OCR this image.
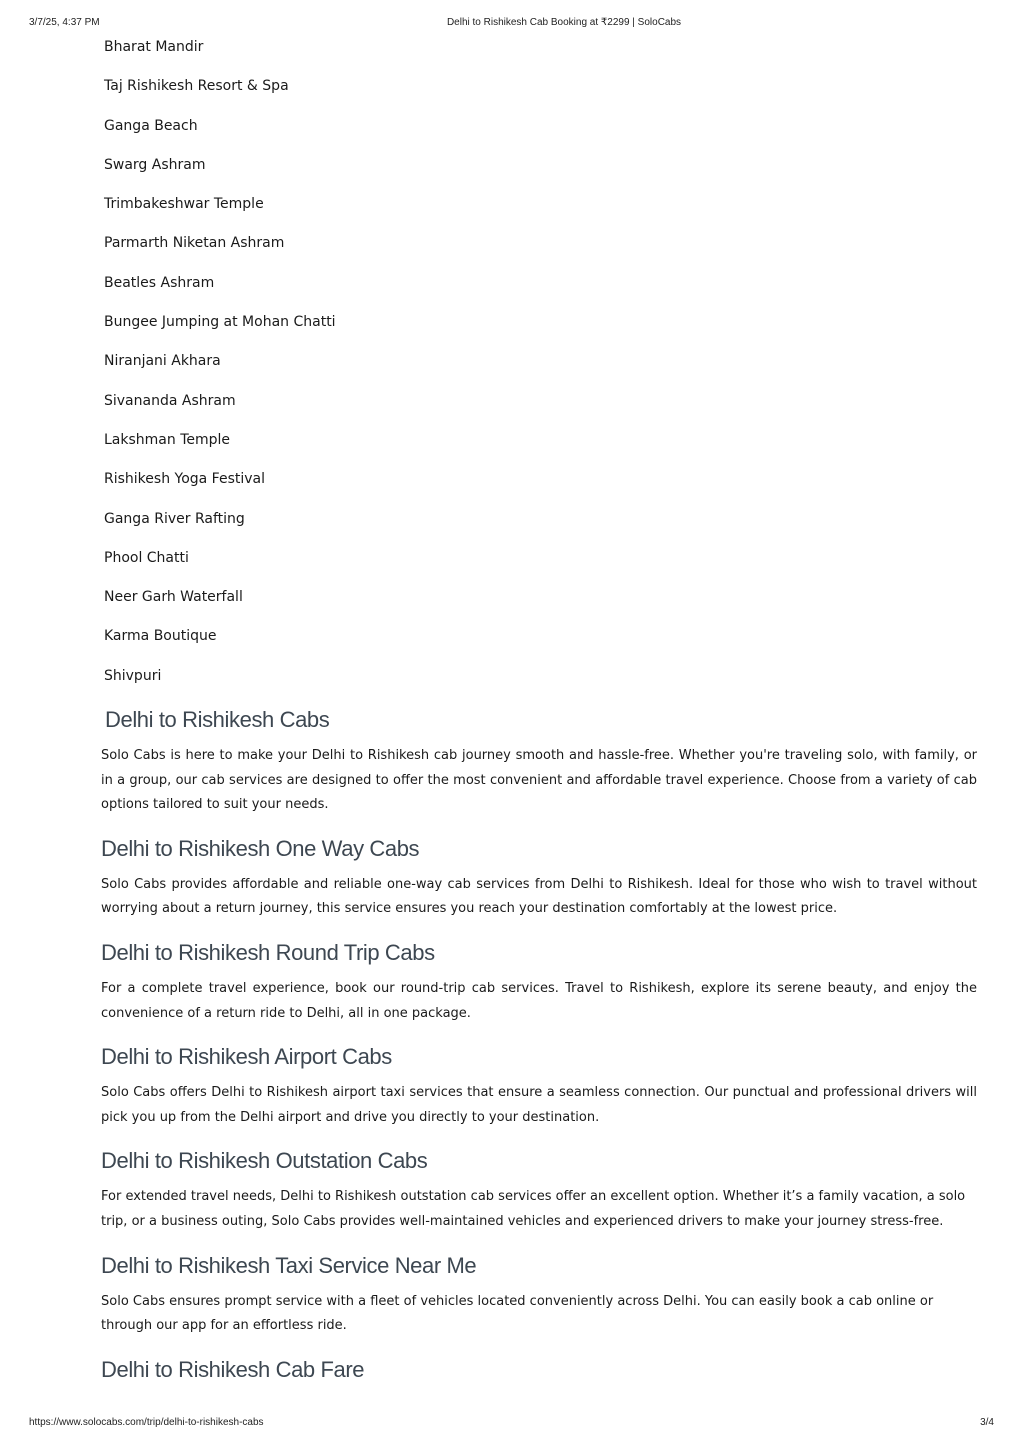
3/7/25, 4:37 PM	Delhi to Rishikesh Cab Booking at ₹2299 | SoloCabs
Bharat Mandir
Taj Rishikesh Resort & Spa
Ganga Beach
Swarg Ashram
Trimbakeshwar Temple
Parmarth Niketan Ashram
Beatles Ashram
Bungee Jumping at Mohan Chatti
Niranjani Akhara
Sivananda Ashram
Lakshman Temple
Rishikesh Yoga Festival
Ganga River Rafting
Phool Chatti
Neer Garh Waterfall
Karma Boutique
Shivpuri
Delhi to Rishikesh Cabs

Solo Cabs is here to make your Delhi to Rishikesh cab journey smooth and hassle-free. Whether you're traveling solo, with family, or in a group, our cab services are designed to offer the most convenient and affordable travel experience. Choose from a variety of cab options tailored to suit your needs.

Delhi to Rishikesh One Way Cabs

Solo Cabs provides affordable and reliable one-way cab services from Delhi to Rishikesh. Ideal for those who wish to travel without worrying about a return journey, this service ensures you reach your destination comfortably at the lowest price.

Delhi to Rishikesh Round Trip Cabs

For a complete travel experience, book our round-trip cab services. Travel to Rishikesh, explore its serene beauty, and enjoy the convenience of a return ride to Delhi, all in one package.

Delhi to Rishikesh Airport Cabs

Solo Cabs offers Delhi to Rishikesh airport taxi services that ensure a seamless connection. Our punctual and professional drivers will pick you up from the Delhi airport and drive you directly to your destination.

Delhi to Rishikesh Outstation Cabs

For extended travel needs, Delhi to Rishikesh outstation cab services offer an excellent option. Whether it’s a family vacation, a solo trip, or a business outing, Solo Cabs provides well-maintained vehicles and experienced drivers to make your journey stress-free.

Delhi to Rishikesh Taxi Service Near Me

Solo Cabs ensures prompt service with a fleet of vehicles located conveniently across Delhi. You can easily book a cab online or through our app for an effortless ride.

Delhi to Rishikesh Cab Fare
https://www.solocabs.com/trip/delhi-to-rishikesh-cabs	3/4
